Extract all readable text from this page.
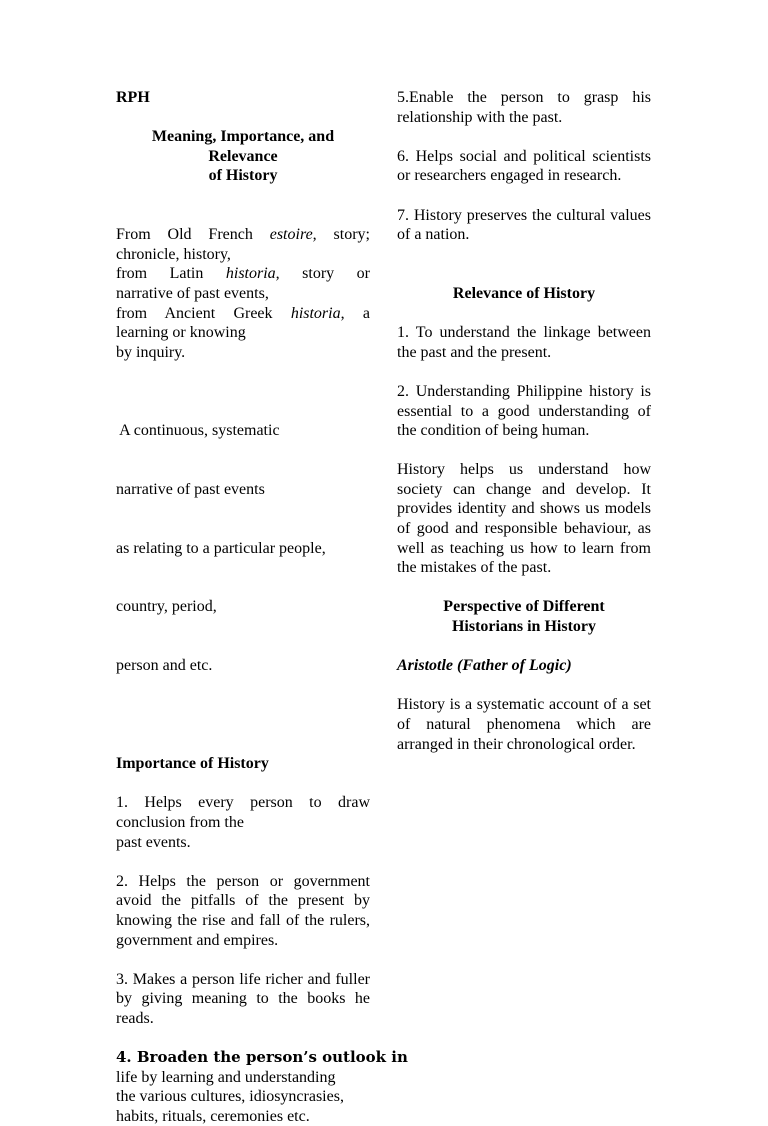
RPH

Meaning, Importance, and
Relevance
of History
From Old French estoire, story;
chronicle, history,
from Latin historia, story or
narrative of past events,
from Ancient Greek historia, a
learning or knowing
by inquiry.

A continuous, systematic

narrative of past events

as relating to a particular people,

country, period,

person and etc.

Importance of History

1. Helps every person to draw
conclusion from the
past events.

2. Helps the person or government avoid the pitfalls of the present by knowing the rise and fall of the rulers, government and empires.

3. Makes a person life richer and fuller by giving meaning to the books he reads.

4. Broaden the person’s outlook in
life by learning and understanding
the various cultures, idiosyncrasies,
habits, rituals, ceremonies etc.

5.Enable the person to grasp his relationship with the past.

6. Helps social and political scientists or researchers engaged in research.

7. History preserves the cultural values of a nation.

Relevance of History

1. To understand the linkage between the past and the present.

2. Understanding Philippine history is essential to a good understanding of the condition of being human.

History helps us understand how society can change and develop. It provides identity and shows us models of good and responsible behaviour, as well as teaching us how to learn from the mistakes of the past.

Perspective of Different
Historians in History

Aristotle (Father of Logic)

History is a systematic account of a set of natural phenomena which are arranged in their chronological order.
